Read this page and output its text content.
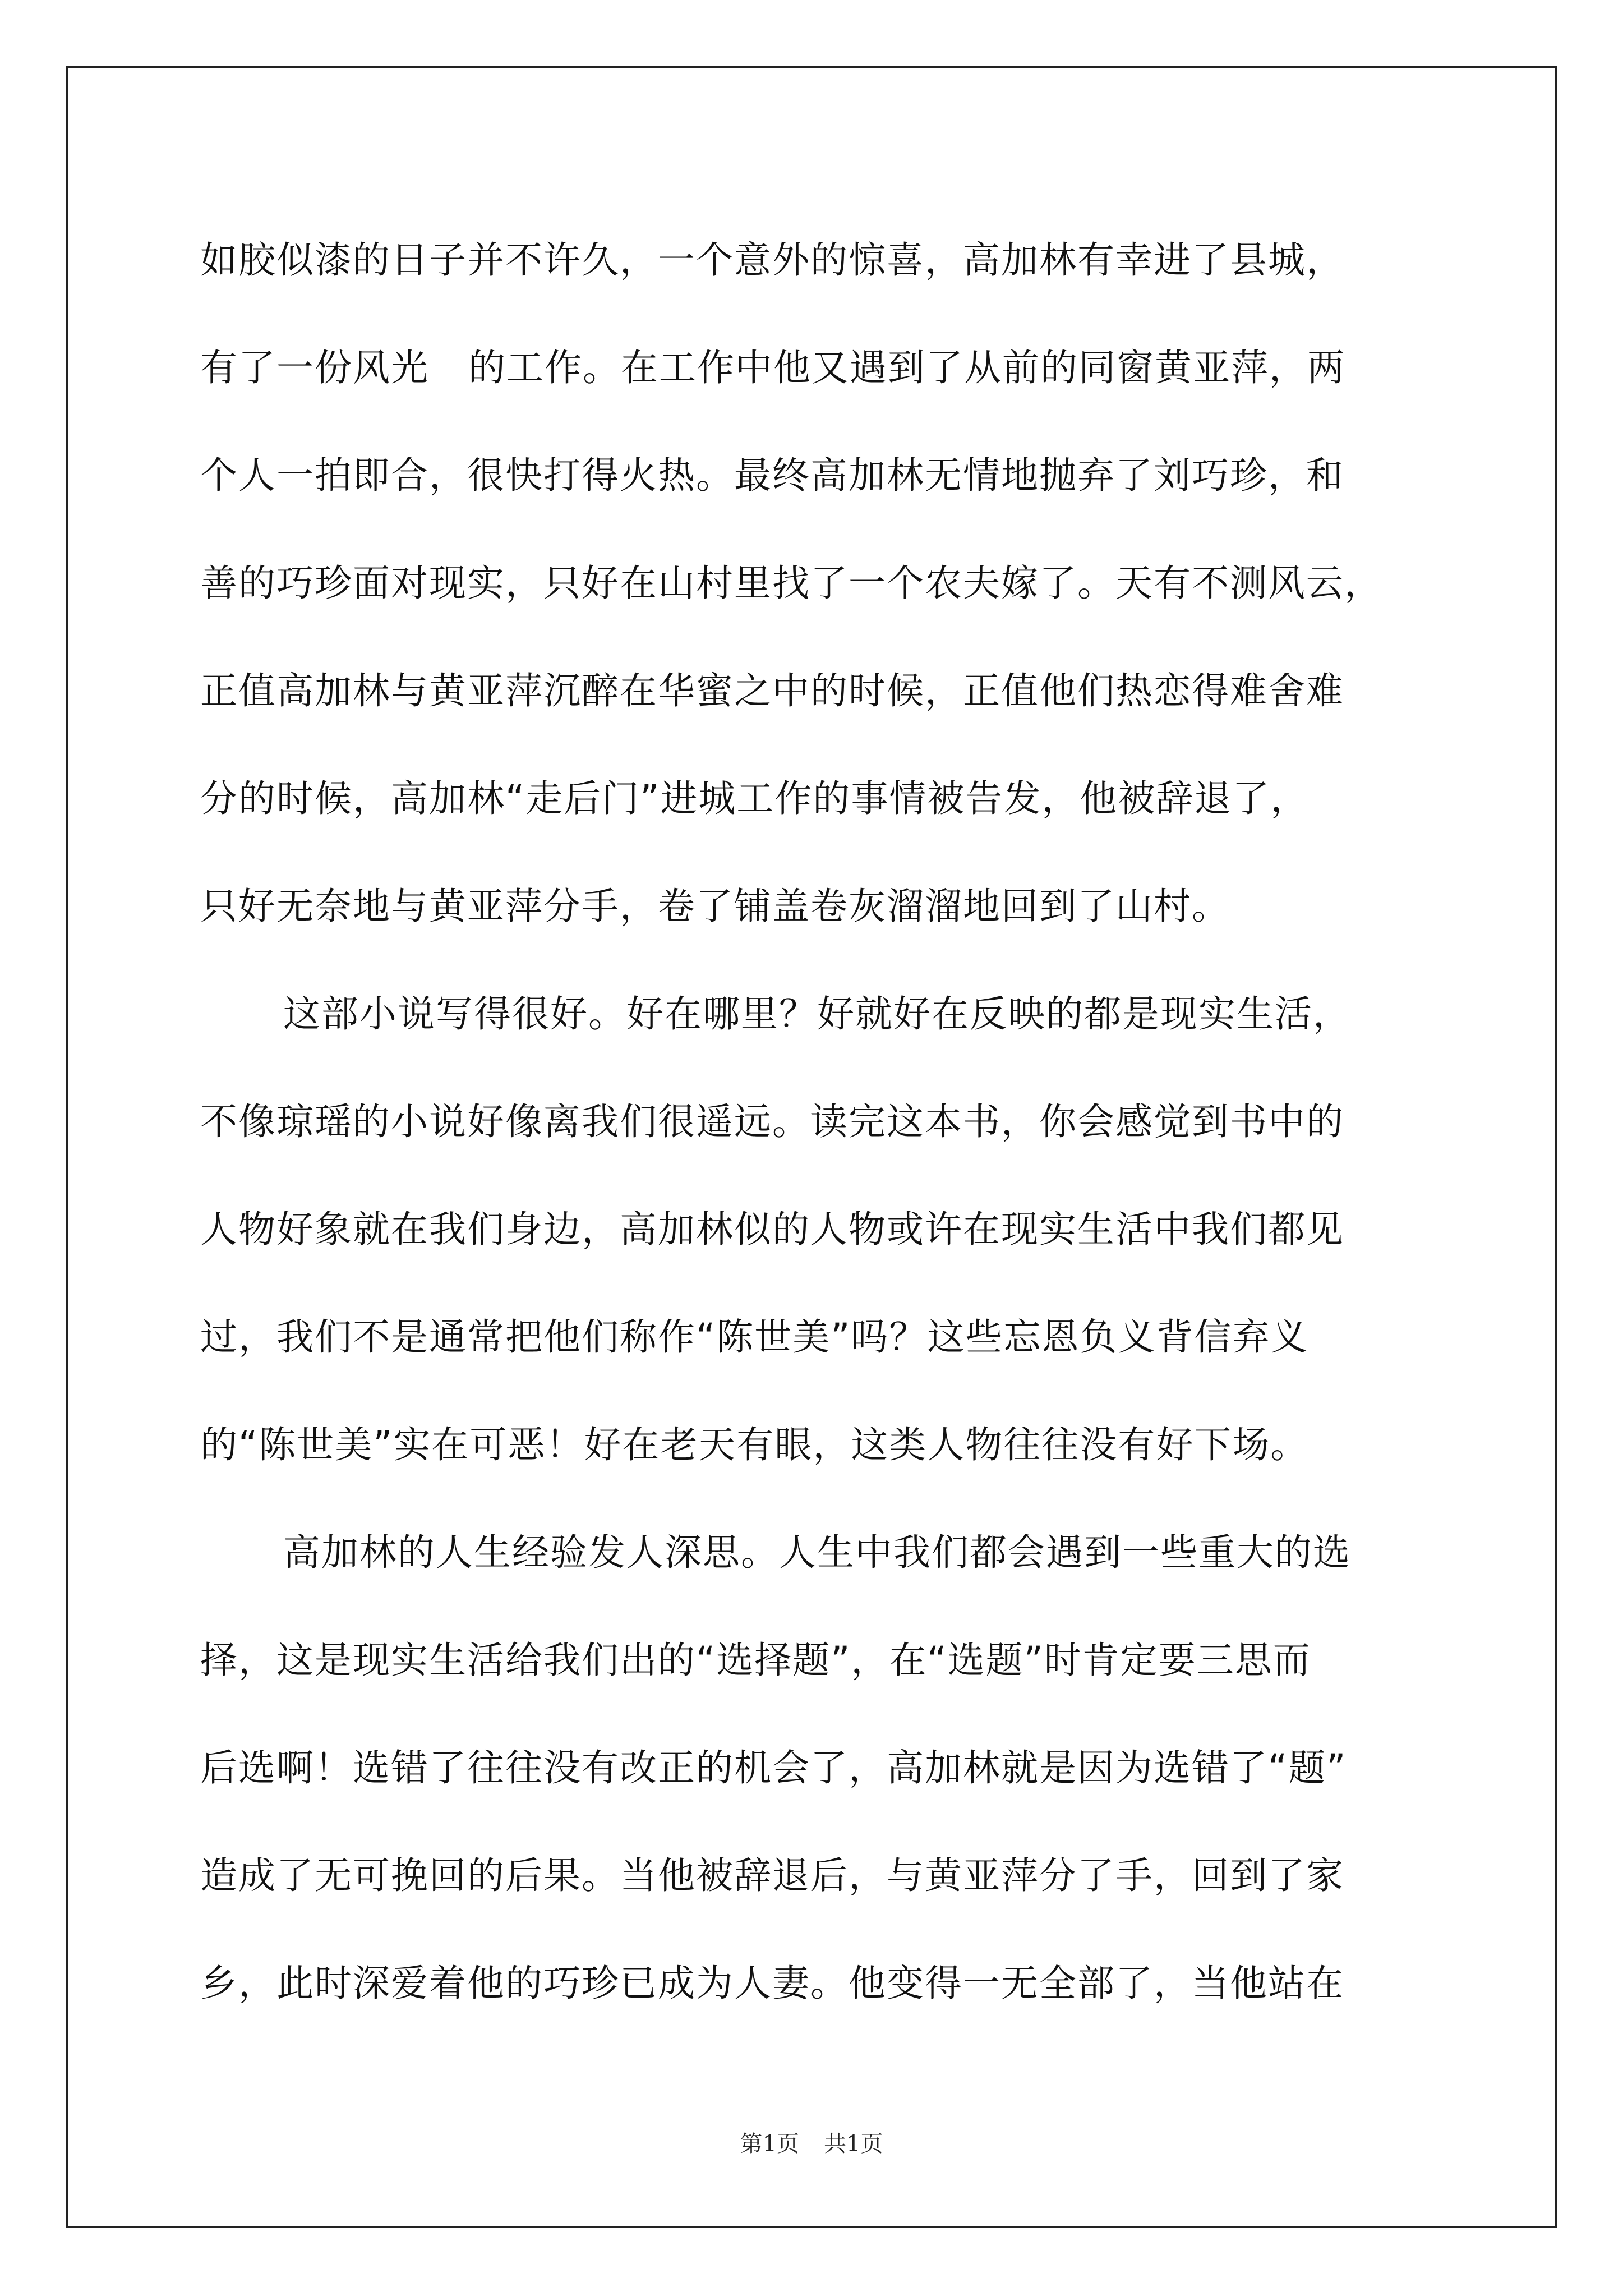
如胶似漆的日子并不许久，一个意外的惊喜，高加林有幸进了县城，
有了一份风光 的工作。在工作中他又遇到了从前的同窗黄亚萍，两
个人一拍即合，很快打得火热。最终高加林无情地抛弃了刘巧珍，和
善的巧珍面对现实，只好在山村里找了一个农夫嫁了。天有不测风云，
正值高加林与黄亚萍沉醉在华蜜之中的时候，正值他们热恋得难舍难
分的时候，高加林“走后门”进城工作的事情被告发，他被辞退了，
只好无奈地与黄亚萍分手，卷了铺盖卷灰溜溜地回到了山村。
这部小说写得很好。好在哪里？好就好在反映的都是现实生活，
不像琼瑶的小说好像离我们很遥远。读完这本书，你会感觉到书中的
人物好象就在我们身边，高加林似的人物或许在现实生活中我们都见
过，我们不是通常把他们称作“陈世美”吗？这些忘恩负义背信弃义
的“陈世美”实在可恶！好在老天有眼，这类人物往往没有好下场。
高加林的人生经验发人深思。人生中我们都会遇到一些重大的选
择，这是现实生活给我们出的“选择题”，在“选题”时肯定要三思而
后选啊！选错了往往没有改正的机会了，高加林就是因为选错了“题”
造成了无可挽回的后果。当他被辞退后，与黄亚萍分了手，回到了家
乡，此时深爱着他的巧珍已成为人妻。他变得一无全部了，当他站在
第1页 共1页
